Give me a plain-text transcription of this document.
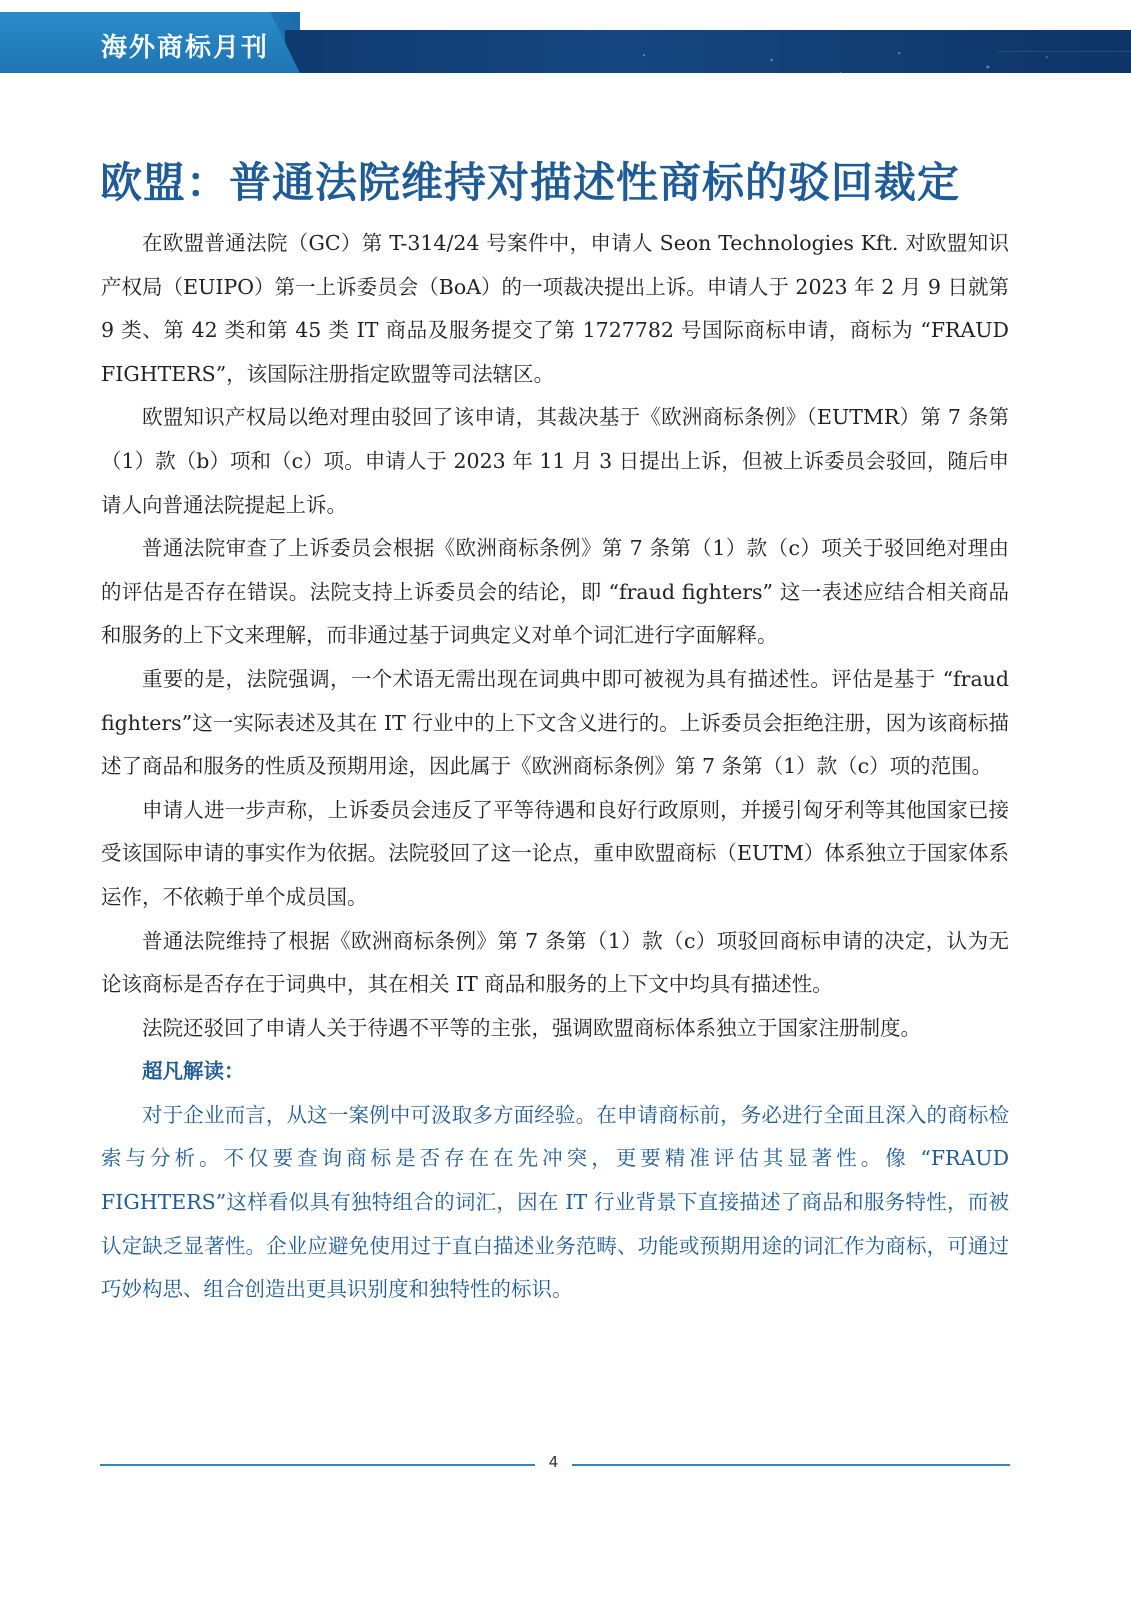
海外商标月刊
欧盟：普通法院维持对描述性商标的驳回裁定

在欧盟普通法院（GC）第 T-314/24 号案件中，申请人 Seon Technologies Kft. 对欧盟知识产权局（EUIPO）第一上诉委员会（BoA）的一项裁决提出上诉。申请人于 2023 年 2 月 9 日就第 9 类、第 42 类和第 45 类 IT 商品及服务提交了第 1727782 号国际商标申请，商标为 “FRAUD FIGHTERS”，该国际注册指定欧盟等司法辖区。

欧盟知识产权局以绝对理由驳回了该申请，其裁决基于《欧洲商标条例》（EUTMR）第 7 条第（1）款（b）项和（c）项。申请人于 2023 年 11 月 3 日提出上诉，但被上诉委员会驳回，随后申请人向普通法院提起上诉。

普通法院审查了上诉委员会根据《欧洲商标条例》第 7 条第（1）款（c）项关于驳回绝对理由的评估是否存在错误。法院支持上诉委员会的结论，即 “fraud fighters” 这一表述应结合相关商品和服务的上下文来理解，而非通过基于词典定义对单个词汇进行字面解释。

重要的是，法院强调，一个术语无需出现在词典中即可被视为具有描述性。评估是基于 “fraud fighters”这一实际表述及其在 IT 行业中的上下文含义进行的。上诉委员会拒绝注册，因为该商标描述了商品和服务的性质及预期用途，因此属于《欧洲商标条例》第 7 条第（1）款（c）项的范围。

申请人进一步声称，上诉委员会违反了平等待遇和良好行政原则，并援引匈牙利等其他国家已接受该国际申请的事实作为依据。法院驳回了这一论点，重申欧盟商标（EUTM）体系独立于国家体系运作，不依赖于单个成员国。

普通法院维持了根据《欧洲商标条例》第 7 条第（1）款（c）项驳回商标申请的决定，认为无论该商标是否存在于词典中，其在相关 IT 商品和服务的上下文中均具有描述性。

法院还驳回了申请人关于待遇不平等的主张，强调欧盟商标体系独立于国家注册制度。

超凡解读：

对于企业而言，从这一案例中可汲取多方面经验。在申请商标前，务必进行全面且深入的商标检索与分析。不仅要查询商标是否存在在先冲突，更要精准评估其显著性。像 “FRAUD FIGHTERS”这样看似具有独特组合的词汇，因在 IT 行业背景下直接描述了商品和服务特性，而被认定缺乏显著性。企业应避免使用过于直白描述业务范畴、功能或预期用途的词汇作为商标，可通过巧妙构思、组合创造出更具识别度和独特性的标识。

4
